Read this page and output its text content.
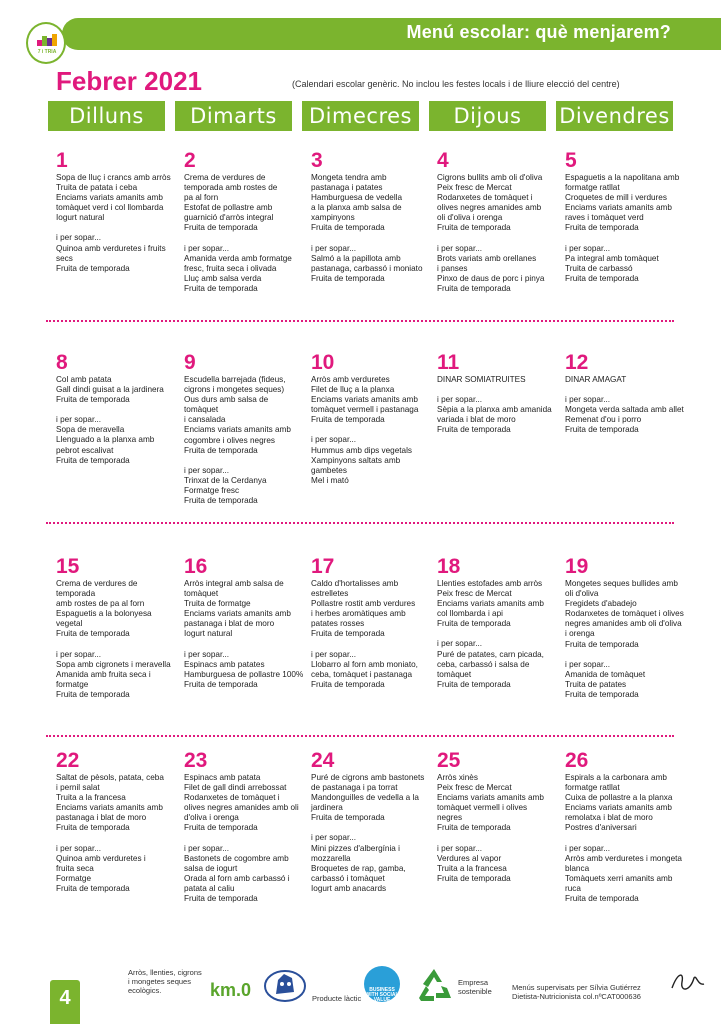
Menú escolar: què menjarem?
7 i TRIA
Febrer 2021	(Calendari escolar genèric. No inclou les festes locals i de lliure elecció del centre)
Dilluns	Dimarts	Dimecres	Dijous	Divendres
1
Sopa de lluç i crancs amb arròs
Truita de patata i ceba
Enciams variats amanits amb
tomàquet verd i col llombarda
Iogurt natural
i per sopar...
Quinoa amb verduretes i fruits
secs
Fruita de temporada
2
Crema de verdures de
temporada amb rostes de
pa al forn
Estofat de pollastre amb
guarnició d'arròs integral
Fruita de temporada
i per sopar...
Amanida verda amb formatge
fresc, fruita seca i olivada
Lluç amb salsa verda
Fruita de temporada
3
Mongeta tendra amb
pastanaga i patates
Hamburguesa de vedella
a la planxa amb salsa de
xampinyons
Fruita de temporada
i per sopar...
Salmó a la papillota amb
pastanaga, carbassó i moniato
Fruita de temporada
4
Cigrons bullits amb oli d'oliva
Peix fresc de Mercat
Rodanxetes de tomàquet i
olives negres amanides amb
oli d'oliva i orenga
Fruita de temporada
i per sopar...
Brots variats amb orellanes
i panses
Pinxo de daus de porc i pinya
Fruita de temporada
5
Espaguetis a la napolitana amb
formatge ratllat
Croquetes de mill i verdures
Enciams variats amanits amb
raves i tomàquet verd
Fruita de temporada
i per sopar...
Pa integral amb tomàquet
Truita de carbassó
Fruita de temporada
8
Col amb patata
Gall dindi guisat a la jardinera
Fruita de temporada
i per sopar...
Sopa de meravella
Llenguado a la planxa amb
pebrot escalivat
Fruita de temporada
9
Escudella barrejada (fideus,
cigrons i mongetes seques)
Ous durs amb salsa de tomàquet
i cansalada
Enciams variats amanits amb
cogombre i olives negres
Fruita de temporada
i per sopar...
Trinxat de la Cerdanya
Formatge fresc
Fruita de temporada
10
Arròs amb verduretes
Filet de lluç a la planxa
Enciams variats amanits amb
tomàquet vermell i pastanaga
Fruita de temporada
i per sopar...
Hummus amb dips vegetals
Xampinyons saltats amb
gambetes
Mel i mató
11
DINAR SOMIATRUITES
i per sopar...
Sèpia a la planxa amb amanida
variada i blat de moro
Fruita de temporada
12
DINAR AMAGAT
i per sopar...
Mongeta verda saltada amb allet
Remenat d'ou i porro
Fruita de temporada
15
Crema de verdures de temporada
amb rostes de pa al forn
Espaguetis a la bolonyesa
vegetal
Fruita de temporada
i per sopar...
Sopa amb cigronets i meravella
Amanida amb fruita seca i
formatge
Fruita de temporada
16
Arròs integral amb salsa de
tomàquet
Truita de formatge
Enciams variats amanits amb
pastanaga i blat de moro
Iogurt natural
i per sopar...
Espinacs amb patates
Hamburguesa de pollastre 100%
Fruita de temporada
17
Caldo d'hortalisses amb
estrelletes
Pollastre rostit amb verdures
i herbes aromàtiques amb
patates rosses
Fruita de temporada
i per sopar...
Llobarro al forn amb moniato,
ceba, tomàquet i pastanaga
Fruita de temporada
18
Llenties estofades amb arròs
Peix fresc de Mercat
Enciams variats amanits amb
col llombarda i api
Fruita de temporada
i per sopar...
Puré de patates, carn picada,
ceba, carbassó i salsa de
tomàquet
Fruita de temporada
19
Mongetes seques bullides amb
oli d'oliva
Fregidets d'abadejo
Rodanxetes de tomàquet i olives
negres amanides amb oli d'oliva
i orenga
Fruita de temporada
i per sopar...
Amanida de tomàquet
Truita de patates
Fruita de temporada
22
Saltat de pèsols, patata, ceba
i pernil salat
Truita a la francesa
Enciams variats amanits amb
pastanaga i blat de moro
Fruita de temporada
i per sopar...
Quinoa amb verduretes i
fruita seca
Formatge
Fruita de temporada
23
Espinacs amb patata
Filet de gall dindi arrebossat
Rodanxetes de tomàquet i
olives negres amanides amb oli
d'oliva i orenga
Fruita de temporada
i per sopar...
Bastonets de cogombre amb
salsa de iogurt
Orada al forn amb carbassó i
patata al caliu
Fruita de temporada
24
Puré de cigrons amb bastonets
de pastanaga i pa torrat
Mandonguilles de vedella a la
jardinera
Fruita de temporada
i per sopar...
Mini pizzes d'albergínia i
mozzarella
Broquetes de rap, gamba,
carbassó i tomàquet
Iogurt amb anacards
25
Arròs xinès
Peix fresc de Mercat
Enciams variats amanits amb
tomàquet vermell i olives
negres
Fruita de temporada
i per sopar...
Verdures al vapor
Truita a la francesa
Fruita de temporada
26
Espirals a la carbonara amb
formatge ratllat
Cuixa de pollastre a la planxa
Enciams variats amanits amb
remolatxa i blat de moro
Postres d'aniversari
i per sopar...
Arròs amb verduretes i mongeta
blanca
Tomàquets xerri amanits amb ruca
Fruita de temporada
4
Arròs, llenties, cigrons
i mongetes seques
ecològics.	km.0	Producte làctic
BUSINESS WITH SOCIAL VALUE
Empresa
sostenible	Menús supervisats per Sílvia Gutiérrez
Dietista-Nutricionista col.nºCAT000636
